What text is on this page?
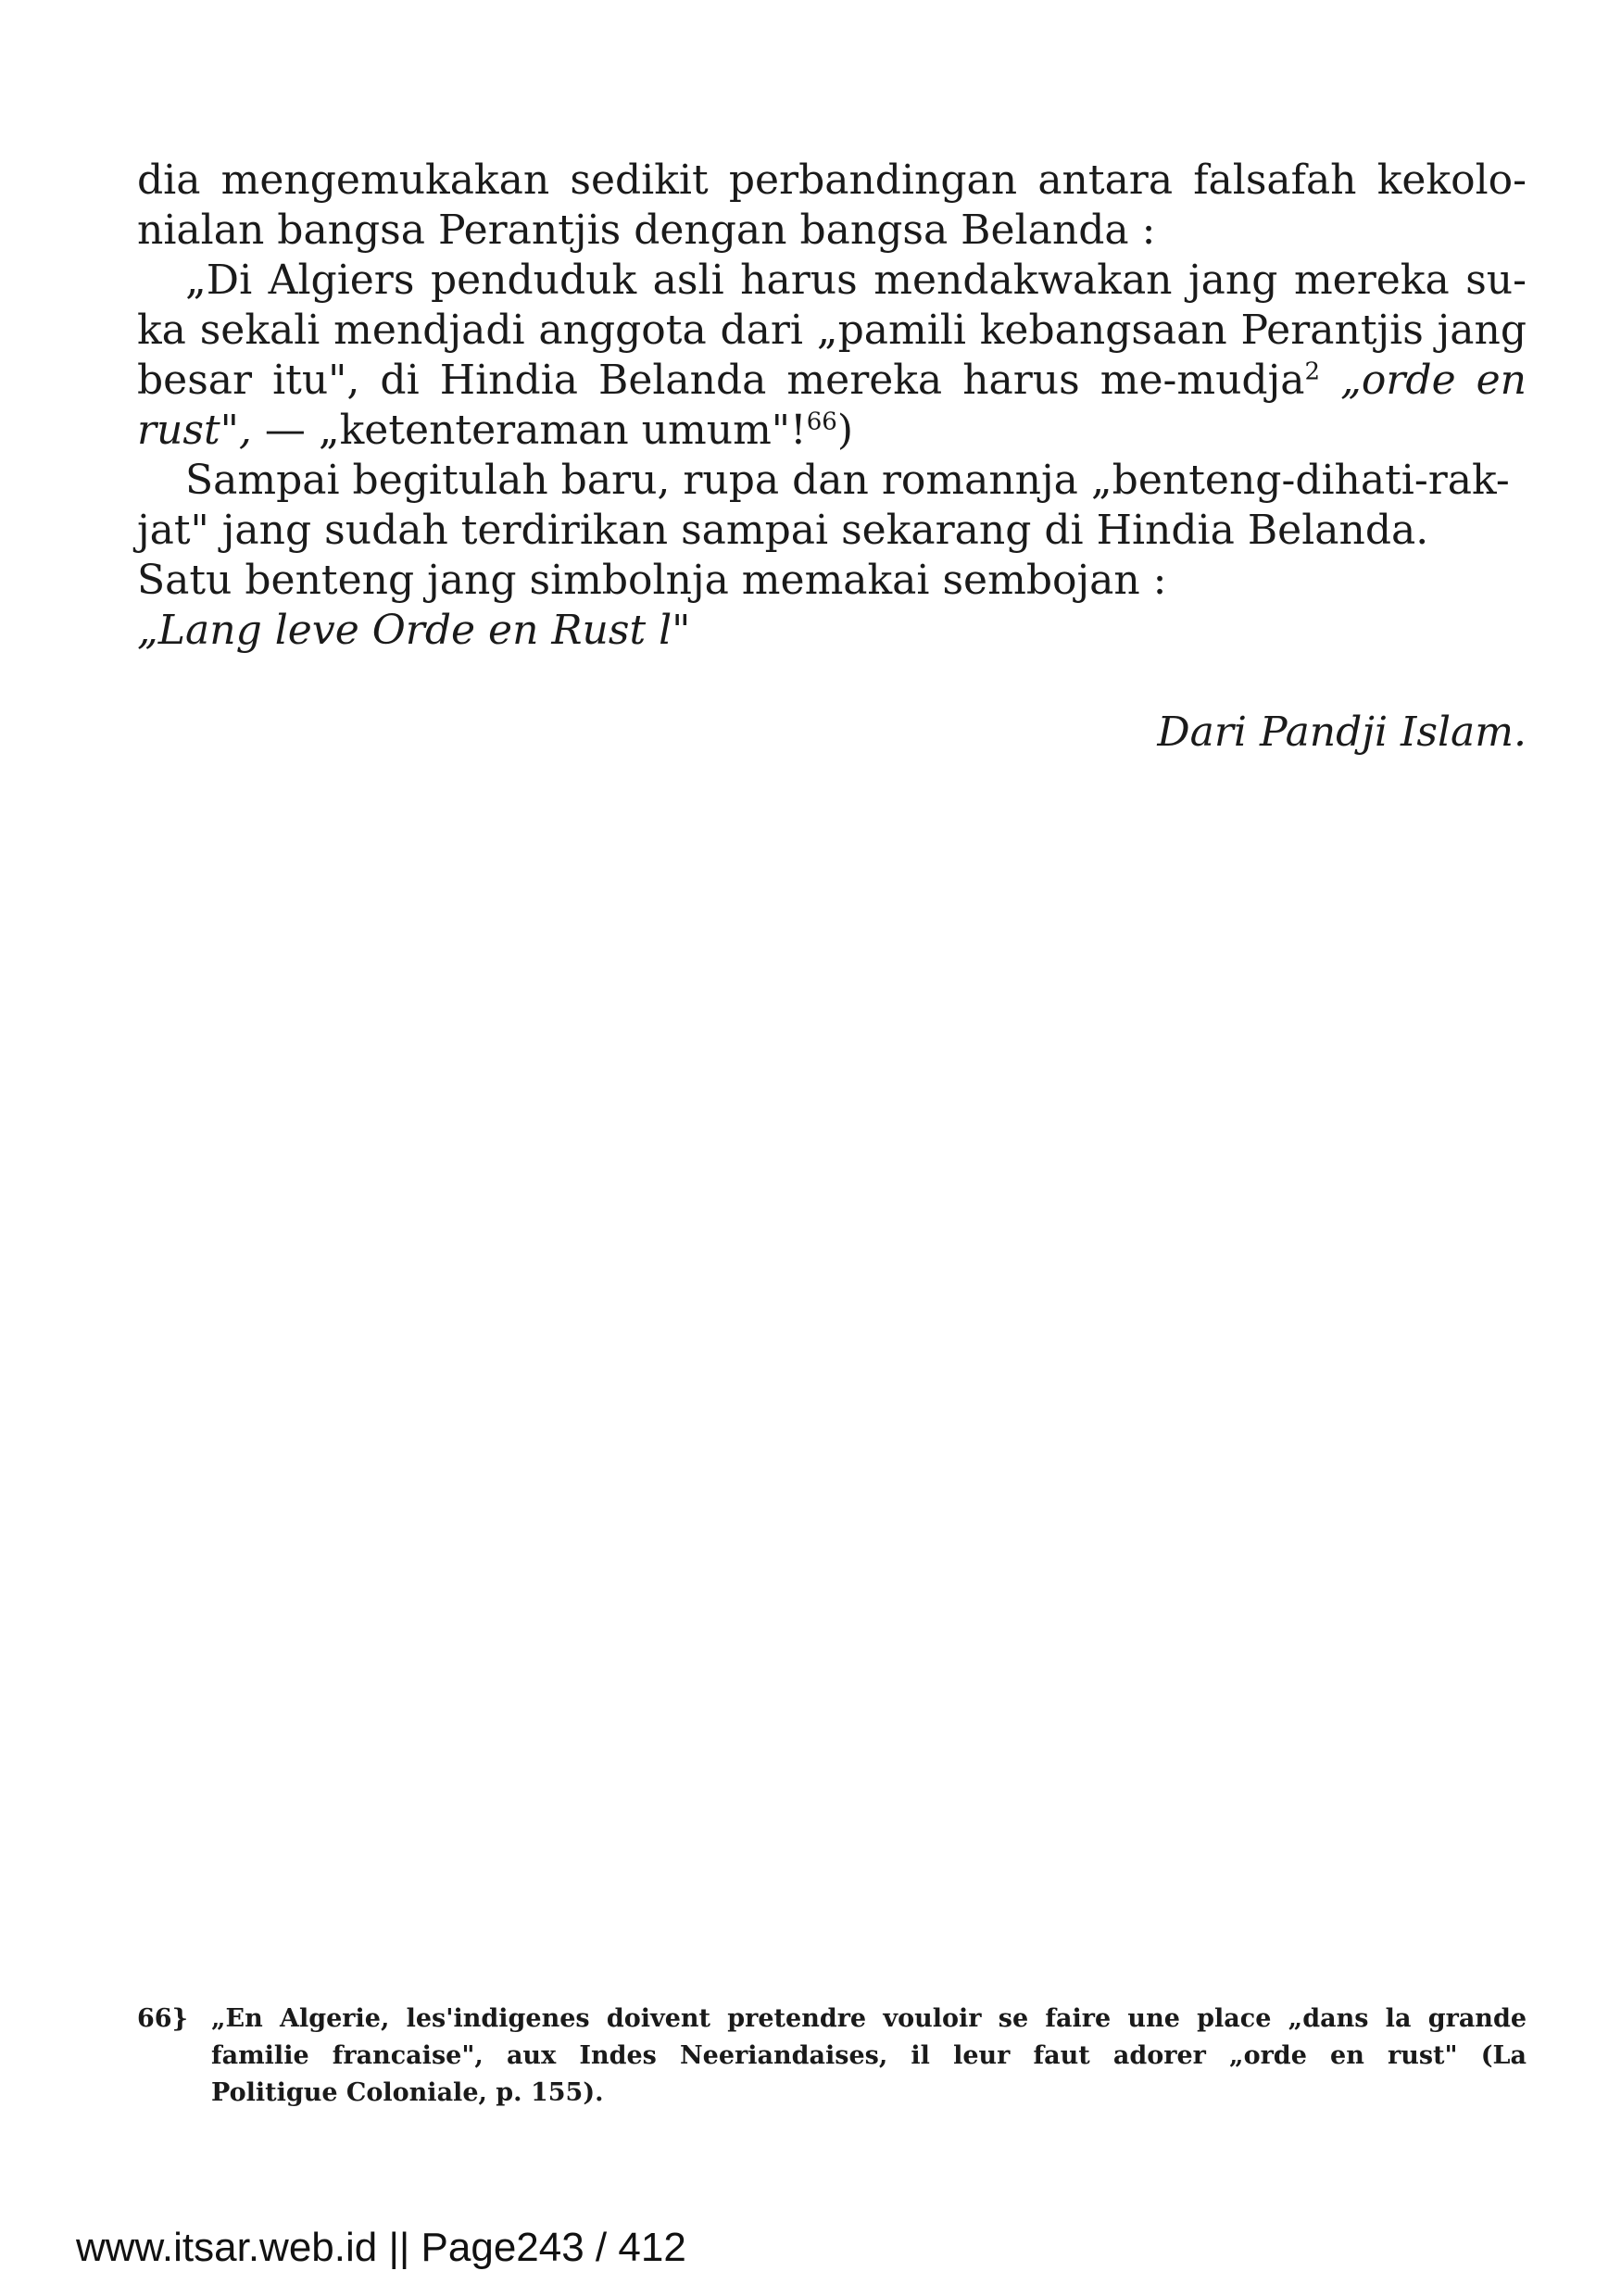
dia mengemukakan sedikit perbandingan antara falsafah kekolo-
nialan bangsa Perantjis dengan bangsa Belanda :
„Di Algiers penduduk asli harus mendakwakan jang mereka su-
ka sekali mendjadi anggota dari „pamili kebangsaan Perantjis jang
besar itu", di Hindia Belanda mereka harus me-mudja$^2$ „orde en
rust", — „ketenteraman umum"!$^{66}$)
Sampai begitulah baru, rupa dan romannja „benteng-dihati-rak-
jat" jang sudah terdirikan sampai sekarang di Hindia Belanda.
Satu benteng jang simbolnja memakai sembojan :
„Lang leve Orde en Rust l"
Dari Pandji Islam.
66} „En Algerie, les'indigenes doivent pretendre vouloir se faire une place „dans la grande
familie francaise", aux Indes Neeriandaises, il leur faut adorer „orde en rust" (La
Politigue Coloniale, p. 155).
www.itsar.web.id || Page243 / 412
